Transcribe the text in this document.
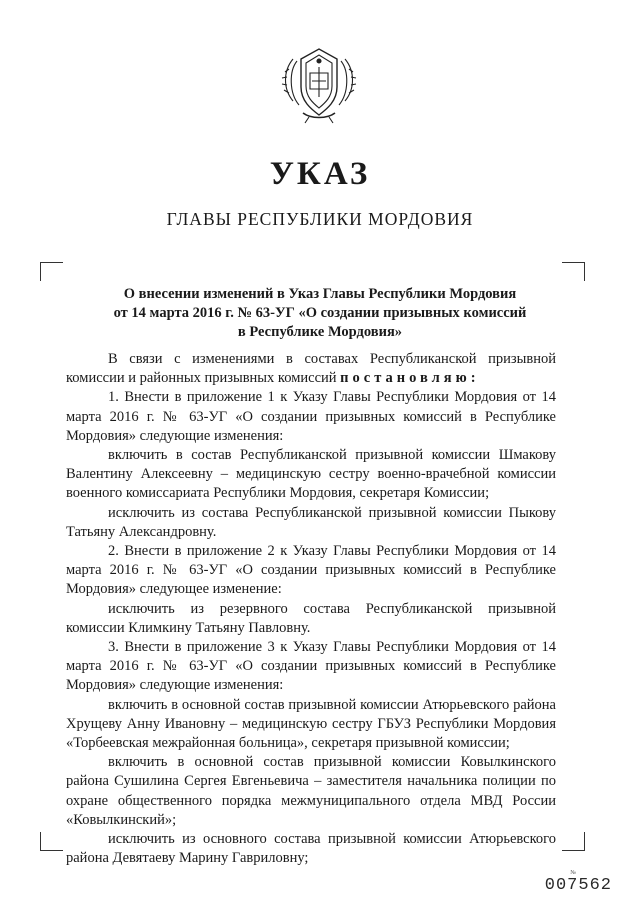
УКАЗ
ГЛАВЫ РЕСПУБЛИКИ МОРДОВИЯ
О внесении изменений в Указ Главы Республики Мордовия
от 14 марта 2016 г. № 63-УГ «О создании призывных комиссий
в Республике Мордовия»

В связи с изменениями в составах Республиканской призывной комиссии и районных призывных комиссий постановляю:

1. Внести в приложение 1 к Указу Главы Республики Мордовия от 14 марта 2016 г. № 63-УГ «О создании призывных комиссий в Республике Мордовия» следующие изменения:

включить в состав Республиканской призывной комиссии Шмакову Валентину Алексеевну – медицинскую сестру военно-врачебной комиссии военного комиссариата Республики Мордовия, секретаря Комиссии;

исключить из состава Республиканской призывной комиссии Пыкову Татьяну Александровну.

2. Внести в приложение 2 к Указу Главы Республики Мордовия от 14 марта 2016 г. № 63-УГ «О создании призывных комиссий в Республике Мордовия» следующее изменение:

исключить из резервного состава Республиканской призывной комиссии Климкину Татьяну Павловну.

3. Внести в приложение 3 к Указу Главы Республики Мордовия от 14 марта 2016 г. № 63-УГ «О создании призывных комиссий в Республике Мордовия» следующие изменения:

включить в основной состав призывной комиссии Атюрьевского района Хрущеву Анну Ивановну – медицинскую сестру ГБУЗ Республики Мордовия «Торбеевская межрайонная больница», секретаря призывной комиссии;

включить в основной состав призывной комиссии Ковылкинского района Сушилина Сергея Евгеньевича – заместителя начальника полиции по охране общественного порядка межмуниципального отдела МВД России «Ковылкинский»;

исключить из основного состава призывной комиссии Атюрьевского района Девятаеву Марину Гавриловну;

№
007562
